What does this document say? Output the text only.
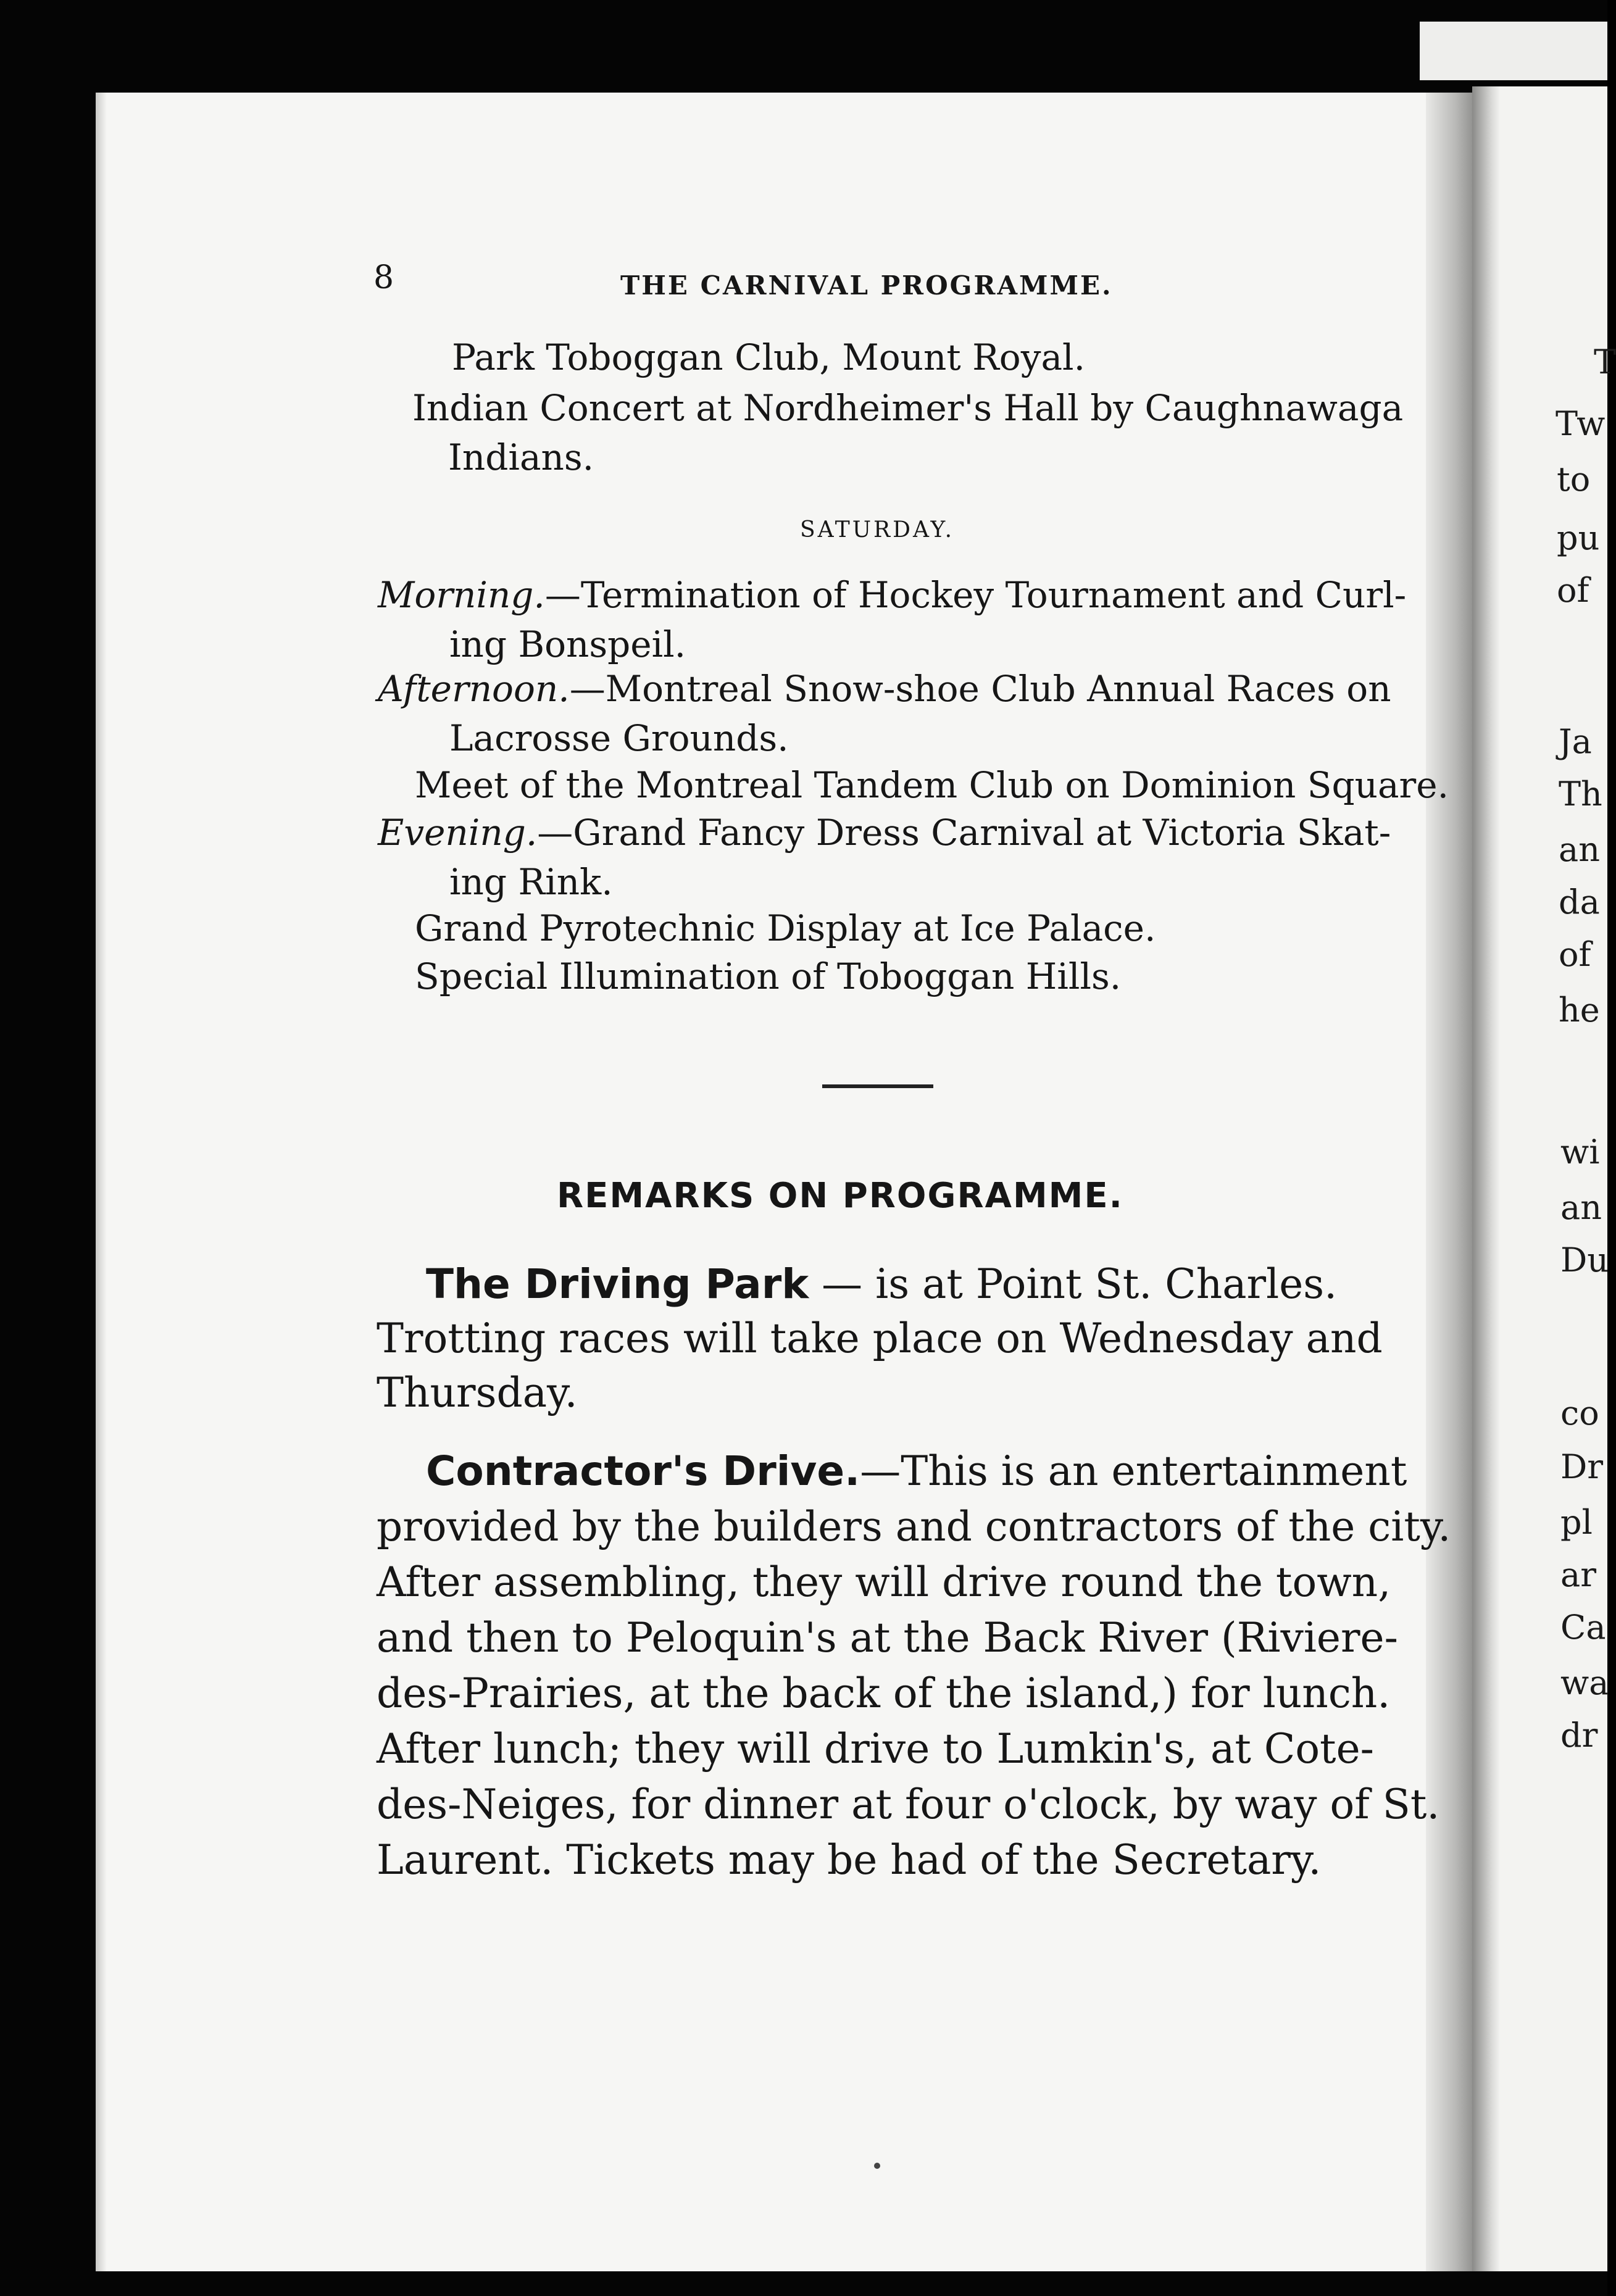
8	THE CARNIVAL PROGRAMME.
Park Toboggan Club, Mount Royal.
Indian Concert at Nordheimer's Hall by Caughnawaga
Indians.
SATURDAY.
Morning.—Termination of Hockey Tournament and Curl-
ing Bonspeil.
Afternoon.—Montreal Snow-shoe Club Annual Races on
Lacrosse Grounds.
Meet of the Montreal Tandem Club on Dominion Square.
Evening.—Grand Fancy Dress Carnival at Victoria Skat-
ing Rink.
Grand Pyrotechnic Display at Ice Palace.
Special Illumination of Toboggan Hills.
REMARKS ON PROGRAMME.
The Driving Park — is at Point St. Charles.
Trotting races will take place on Wednesday and
Thursday.
Contractor's Drive.—This is an entertainment
provided by the builders and contractors of the city.
After assembling, they will drive round the town,
and then to Peloquin's at the Back River (Riviere-
des-Prairies, at the back of the island,) for lunch.
After lunch; they will drive to Lumkin's, at Cote-
des-Neiges, for dinner at four o'clock, by way of St.
Laurent. Tickets may be had of the Secretary.
T
Tw
to
pu
of
Ja
Th
an
da
of
he
wi
an
Du
co
Dr
pl
ar
Ca
wa
dr
